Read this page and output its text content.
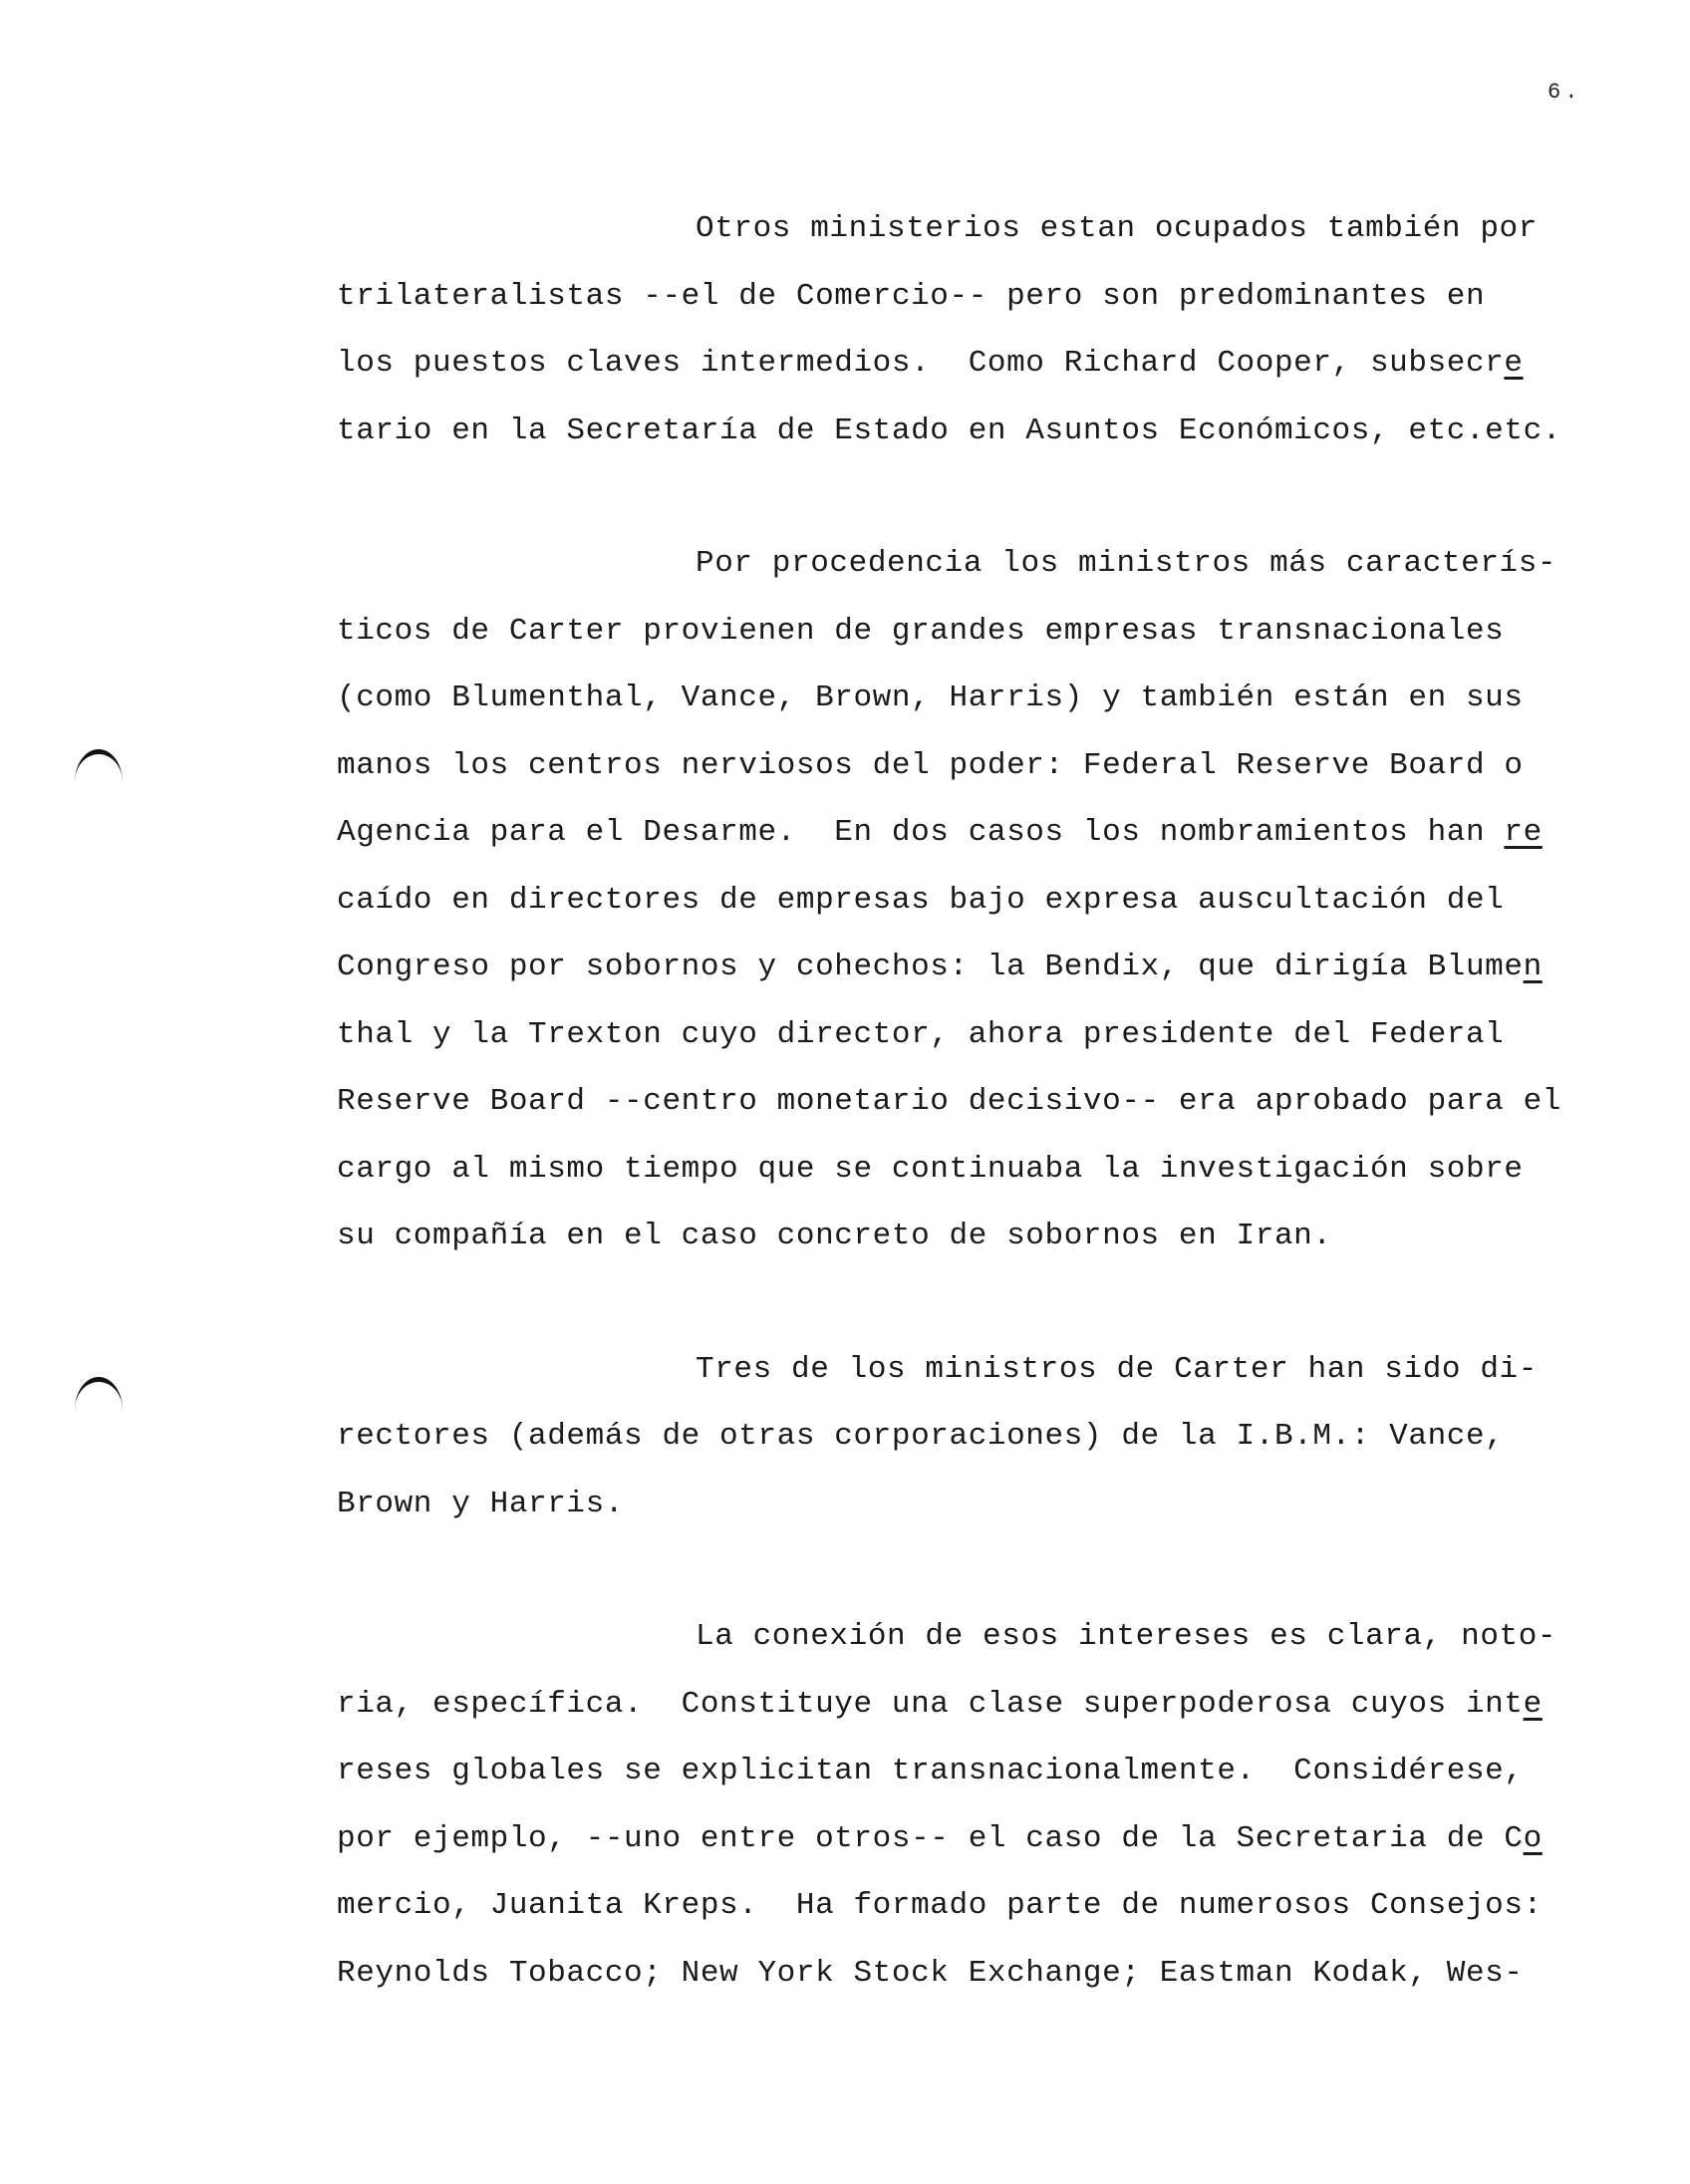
6.
Otros ministerios estan ocupados también por
trilateralistas --el de Comercio-- pero son predominantes en
los puestos claves intermedios.  Como Richard Cooper, subsecre
tario en la Secretaría de Estado en Asuntos Económicos, etc.etc.
Por procedencia los ministros más caracterís-
ticos de Carter provienen de grandes empresas transnacionales
(como Blumenthal, Vance, Brown, Harris) y también están en sus
manos los centros nerviosos del poder: Federal Reserve Board o
Agencia para el Desarme.  En dos casos los nombramientos han re
caído en directores de empresas bajo expresa auscultación del
Congreso por sobornos y cohechos: la Bendix, que dirigía Blumen
thal y la Trexton cuyo director, ahora presidente del Federal
Reserve Board --centro monetario decisivo-- era aprobado para el
cargo al mismo tiempo que se continuaba la investigación sobre
su compañía en el caso concreto de sobornos en Iran.
Tres de los ministros de Carter han sido di-
rectores (además de otras corporaciones) de la I.B.M.: Vance,
Brown y Harris.
La conexión de esos intereses es clara, noto-
ria, específica.  Constituye una clase superpoderosa cuyos inte
reses globales se explicitan transnacionalmente.  Considérese,
por ejemplo, --uno entre otros-- el caso de la Secretaria de Co
mercio, Juanita Kreps.  Ha formado parte de numerosos Consejos:
Reynolds Tobacco; New York Stock Exchange; Eastman Kodak, Wes-
